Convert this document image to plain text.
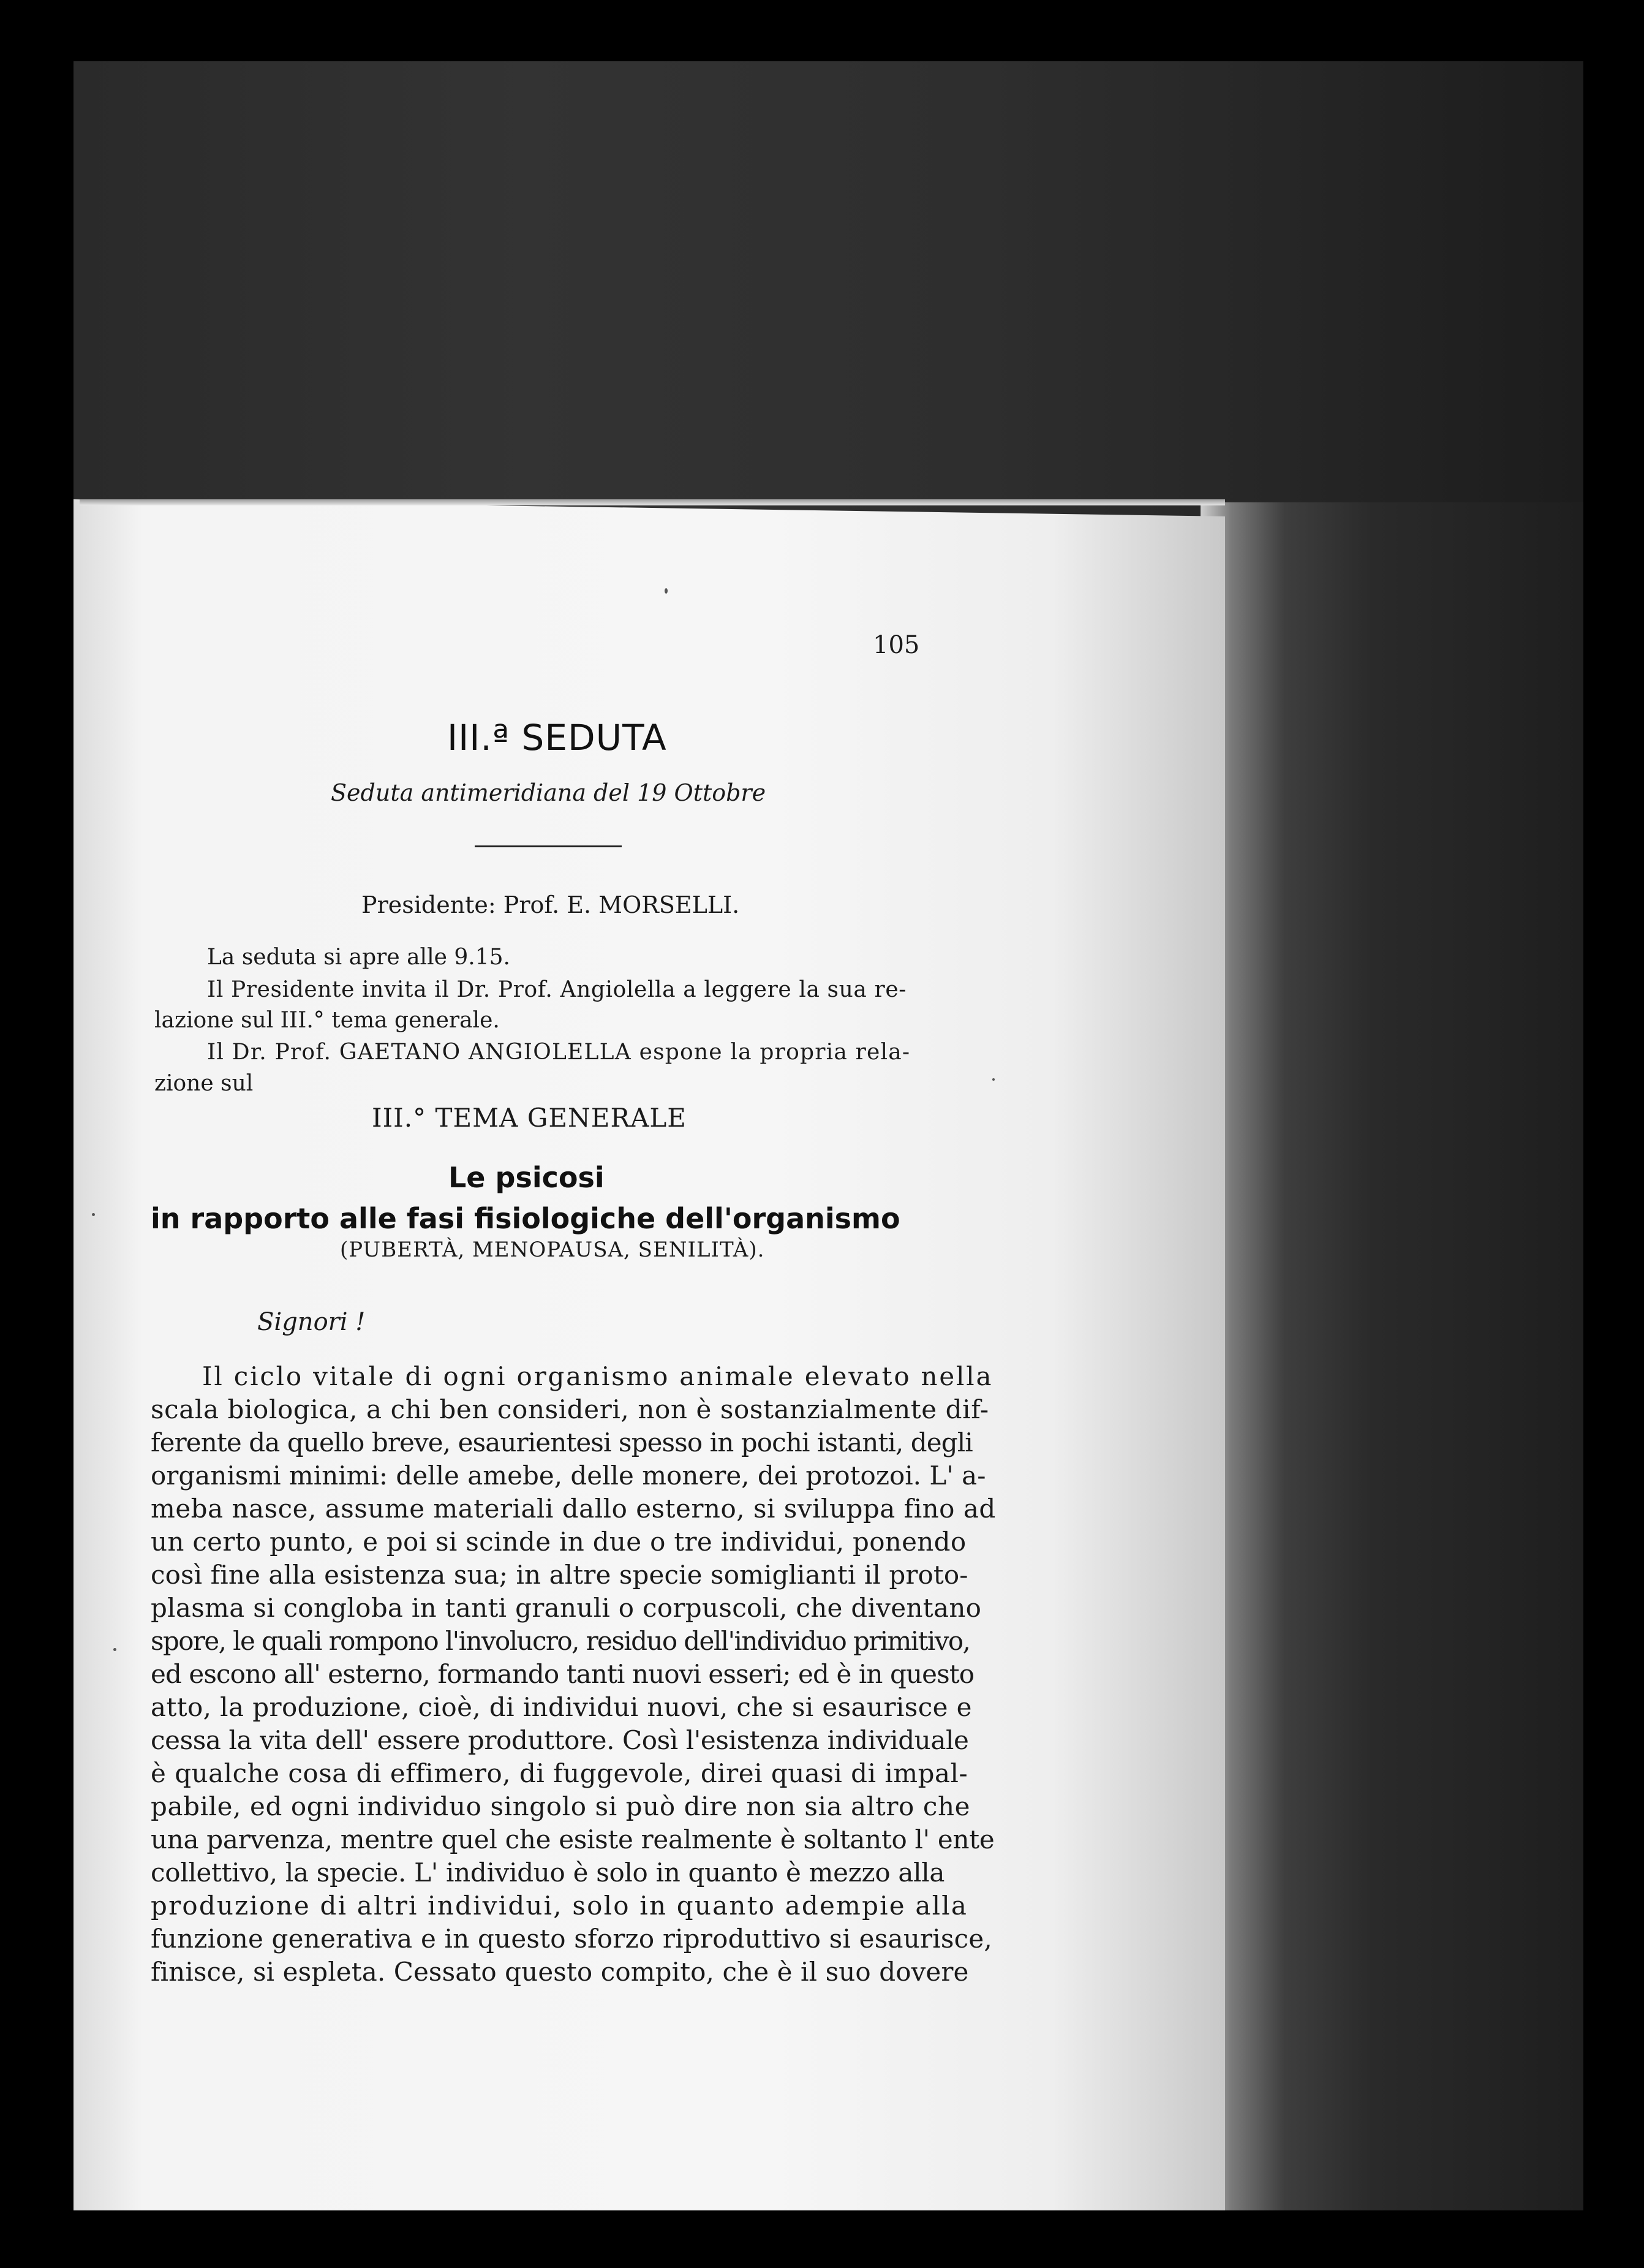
105
III.ª SEDUTA
Seduta antimeridiana del 19 Ottobre
Presidente: Prof. E. MORSELLI.
La seduta si apre alle 9.15.
Il Presidente invita il Dr. Prof. Angiolella a leggere la sua re-
lazione sul III.° tema generale.
Il Dr. Prof. GAETANO ANGIOLELLA espone la propria rela-
zione sul
III.° TEMA GENERALE
Le psicosi
in rapporto alle fasi fisiologiche dell'organismo
(PUBERTÀ, MENOPAUSA, SENILITÀ).
Signori !
Il ciclo vitale di ogni organismo animale elevato nella
scala biologica, a chi ben consideri, non è sostanzialmente dif-
ferente da quello breve, esaurientesi spesso in pochi istanti, degli
organismi minimi: delle amebe, delle monere, dei protozoi. L' a-
meba nasce, assume materiali dallo esterno, si sviluppa fino ad
un certo punto, e poi si scinde in due o tre individui, ponendo
così fine alla esistenza sua; in altre specie somiglianti il proto-
plasma si congloba in tanti granuli o corpuscoli, che diventano
spore, le quali rompono l'involucro, residuo dell'individuo primitivo,
ed escono all' esterno, formando tanti nuovi esseri; ed è in questo
atto, la produzione, cioè, di individui nuovi, che si esaurisce e
cessa la vita dell' essere produttore. Così l'esistenza individuale
è qualche cosa di effimero, di fuggevole, direi quasi di impal-
pabile, ed ogni individuo singolo si può dire non sia altro che
una parvenza, mentre quel che esiste realmente è soltanto l' ente
collettivo, la specie. L' individuo è solo in quanto è mezzo alla
produzione di altri individui, solo in quanto adempie alla
funzione generativa e in questo sforzo riproduttivo si esaurisce,
finisce, si espleta. Cessato questo compito, che è il suo dovere
